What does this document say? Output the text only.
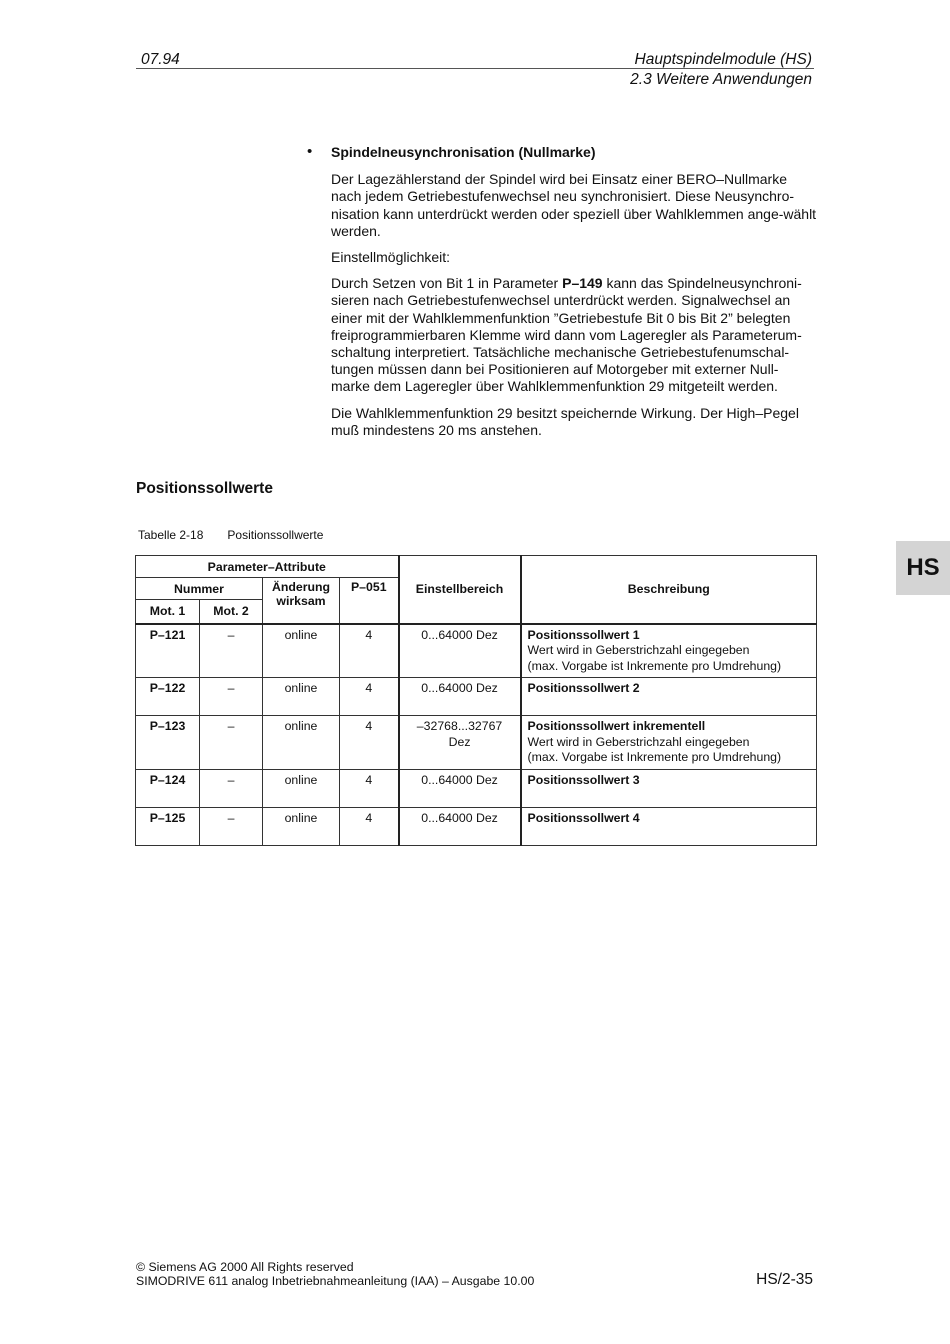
07.94	Hauptspindelmodule (HS)
2.3 Weitere Anwendungen
• Spindelneusynchronisation (Nullmarke)
Der Lagezählerstand der Spindel wird bei Einsatz einer BERO–Nullmarke nach jedem Getriebestufenwechsel neu synchronisiert. Diese Neusynchro-nisation kann unterdrückt werden oder speziell über Wahlklemmen ange-wählt werden.
Einstellmöglichkeit:
Durch Setzen von Bit 1 in Parameter P–149 kann das Spindelneusynchroni-sieren nach Getriebestufenwechsel unterdrückt werden. Signalwechsel an einer mit der Wahlklemmenfunktion ”Getriebestufe Bit 0 bis Bit 2” belegten freiprogrammierbaren Klemme wird dann vom Lageregler als Parameterum-schaltung interpretiert. Tatsächliche mechanische Getriebestufenumschal-tungen müssen dann bei Positionieren auf Motorgeber mit externer Null-marke dem Lageregler über Wahlklemmenfunktion 29 mitgeteilt werden.
Die Wahlklemmenfunktion 29 besitzt speichernde Wirkung. Der High–Pegel muß mindestens 20 ms anstehen.
Positionssollwerte
Tabelle 2-18 Positionssollwerte
Parameter–Attribute				Einstellbereich	Beschreibung
Nummer		Änderung wirksam	P–051		
Mot. 1	Mot. 2				
P–121	–	online	4	0...64000 Dez	Positionssollwert 1
Wert wird in Geberstrichzahl eingegeben
(max. Vorgabe ist Inkremente pro Umdrehung)

P–122	–	online	4	0...64000 Dez	Positionssollwert 2

P–123	–	online	4	–32768...32767 Dez	Positionssollwert inkrementell
Wert wird in Geberstrichzahl eingegeben
(max. Vorgabe ist Inkremente pro Umdrehung)

P–124	–	online	4	0...64000 Dez	Positionssollwert 3

P–125	–	online	4	0...64000 Dez	Positionssollwert 4
HS
© Siemens AG 2000 All Rights reserved
SIMODRIVE 611 analog Inbetriebnahmeanleitung (IAA) – Ausgabe 10.00	HS/2-35
